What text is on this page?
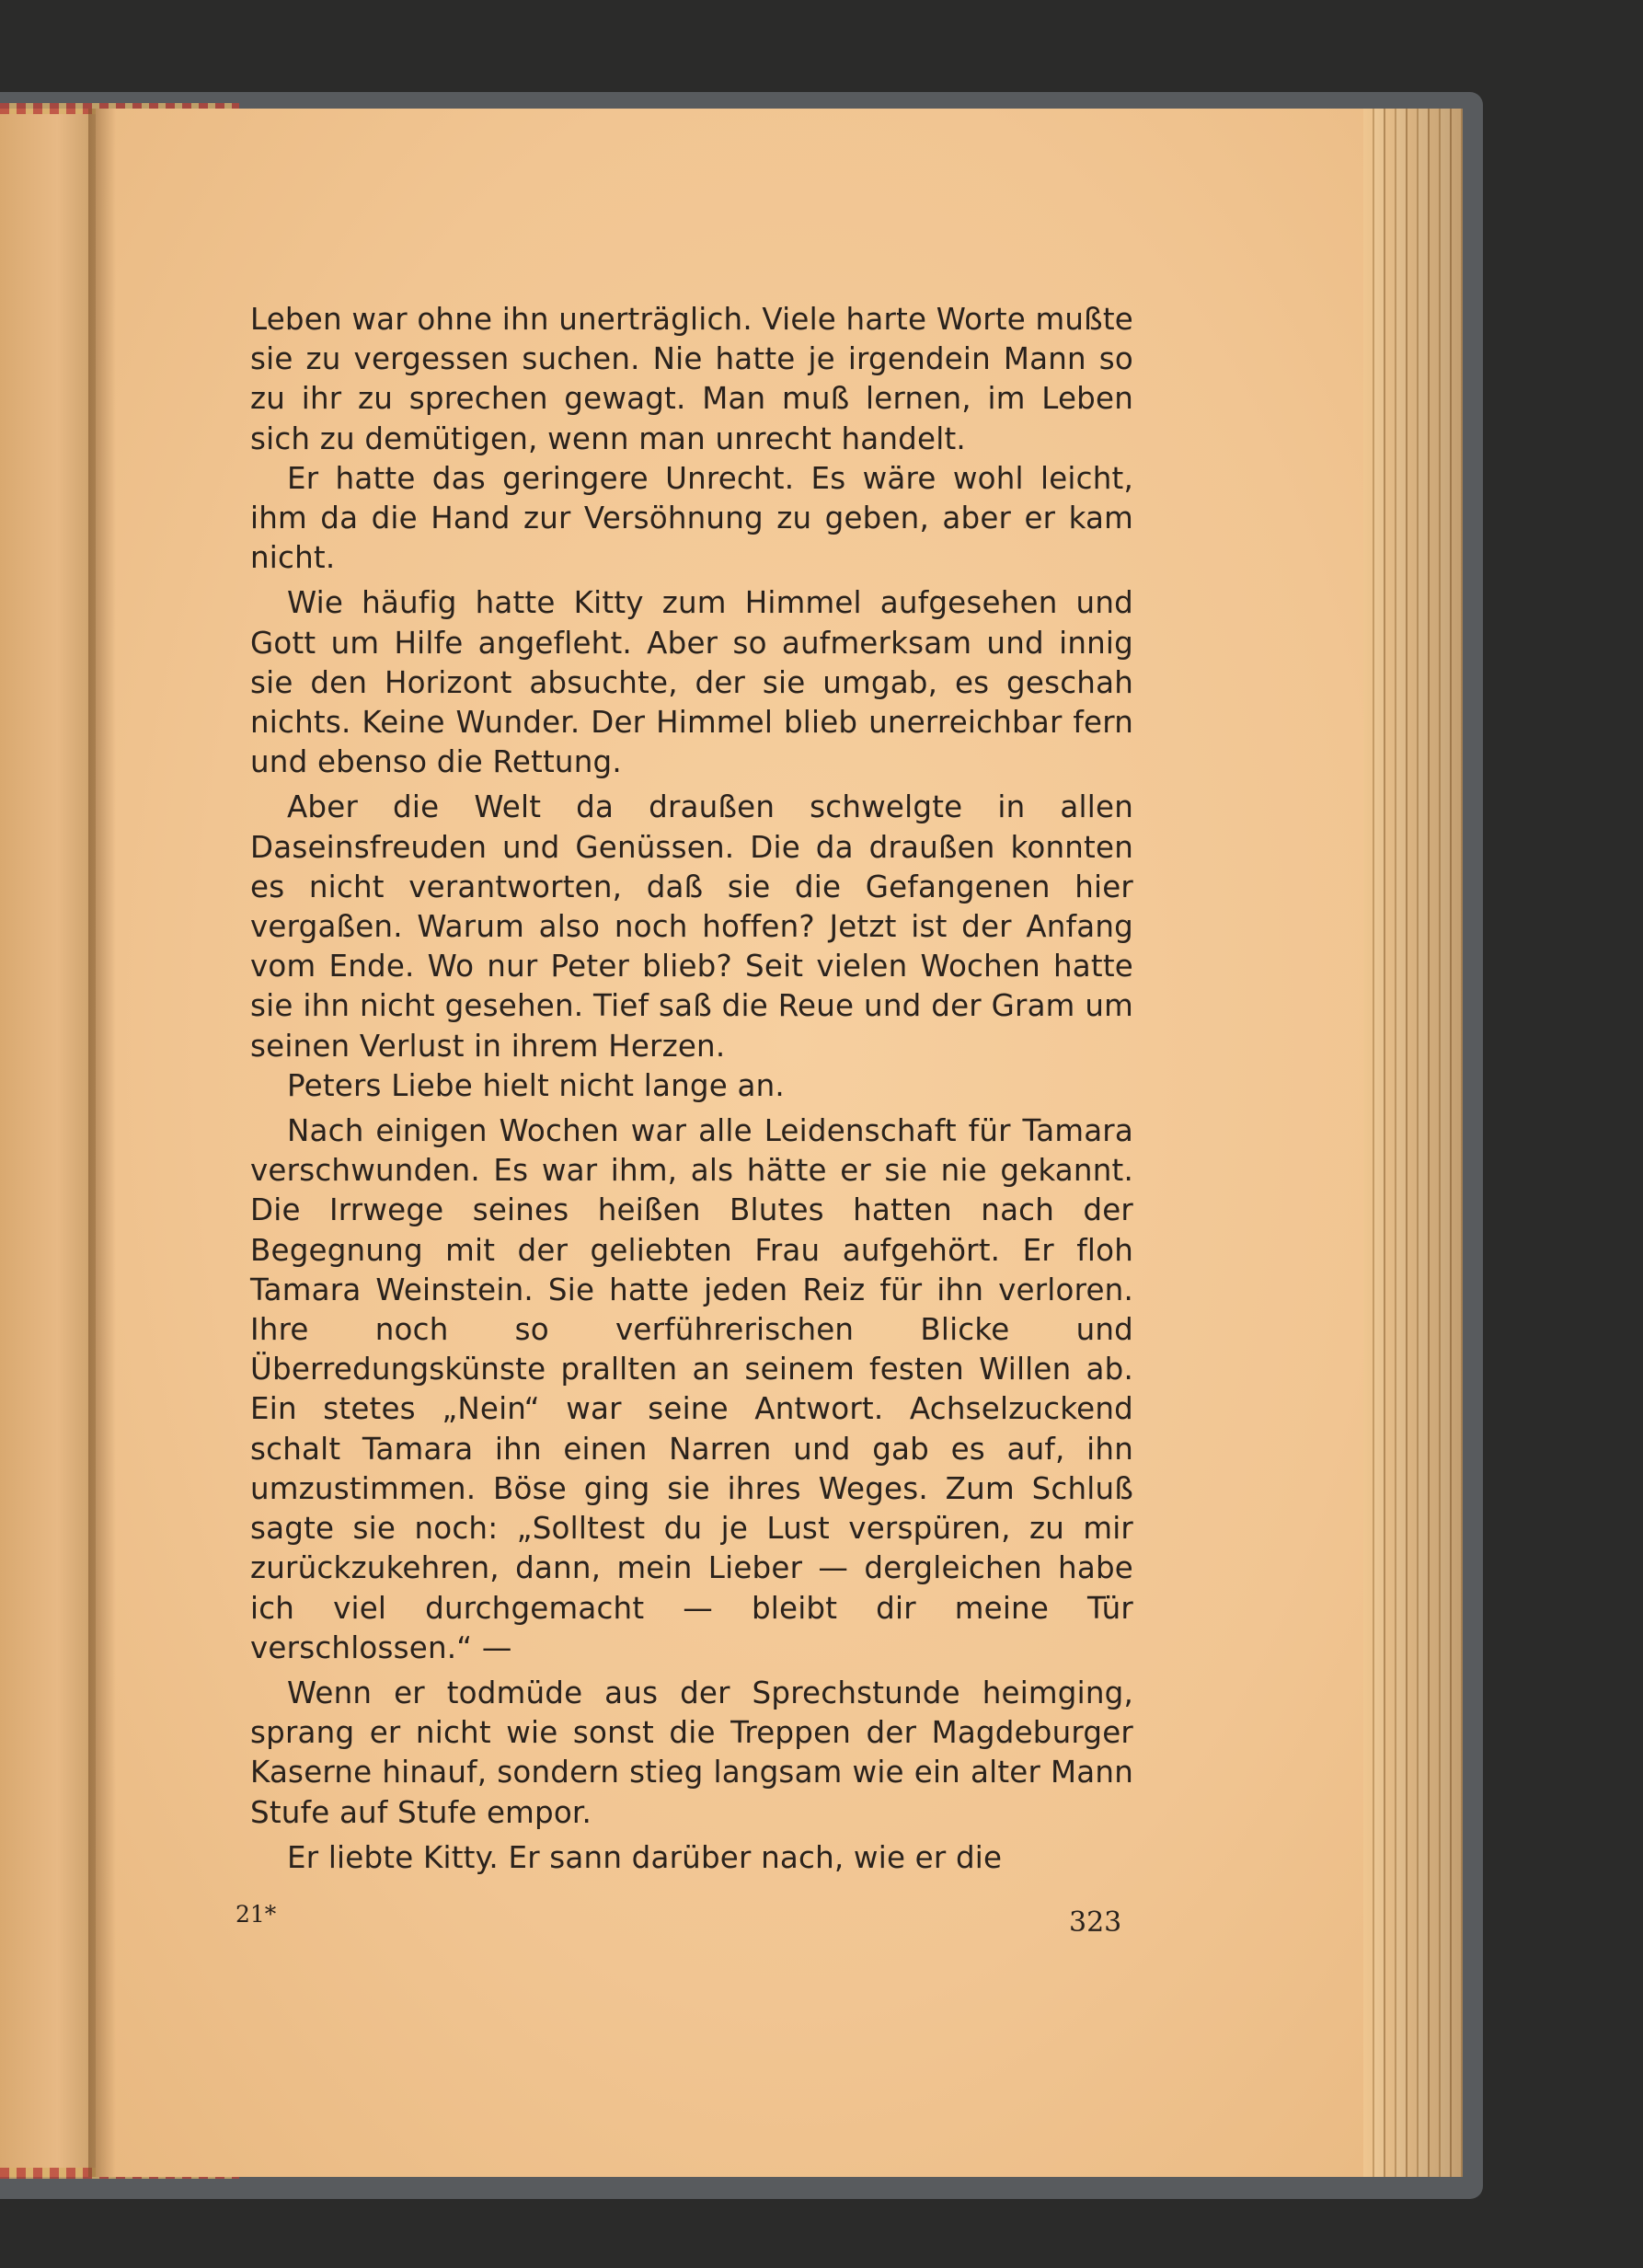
Leben war ohne ihn unerträglich. Viele harte Worte mußte sie zu vergessen suchen. Nie hatte je irgendein Mann so zu ihr zu sprechen gewagt. Man muß lernen, im Leben sich zu demütigen, wenn man unrecht handelt.

Er hatte das geringere Unrecht. Es wäre wohl leicht, ihm da die Hand zur Versöhnung zu geben, aber er kam nicht.

Wie häufig hatte Kitty zum Himmel aufgesehen und Gott um Hilfe angefleht. Aber so aufmerksam und innig sie den Horizont absuchte, der sie umgab, es geschah nichts. Keine Wunder. Der Himmel blieb unerreichbar fern und ebenso die Rettung.

Aber die Welt da draußen schwelgte in allen Daseinsfreuden und Genüssen. Die da draußen konnten es nicht verantworten, daß sie die Gefangenen hier vergaßen. Warum also noch hoffen? Jetzt ist der Anfang vom Ende. Wo nur Peter blieb? Seit vielen Wochen hatte sie ihn nicht gesehen. Tief saß die Reue und der Gram um seinen Verlust in ihrem Herzen.

Peters Liebe hielt nicht lange an.

Nach einigen Wochen war alle Leidenschaft für Tamara verschwunden. Es war ihm, als hätte er sie nie gekannt. Die Irrwege seines heißen Blutes hatten nach der Begegnung mit der geliebten Frau aufgehört. Er floh Tamara Weinstein. Sie hatte jeden Reiz für ihn verloren. Ihre noch so verführerischen Blicke und Überredungskünste prallten an seinem festen Willen ab. Ein stetes „Nein“ war seine Antwort. Achselzuckend schalt Tamara ihn einen Narren und gab es auf, ihn umzustimmen. Böse ging sie ihres Weges. Zum Schluß sagte sie noch: „Solltest du je Lust verspüren, zu mir zurückzukehren, dann, mein Lieber — dergleichen habe ich viel durchgemacht — bleibt dir meine Tür verschlossen.“ —

Wenn er todmüde aus der Sprechstunde heimging, sprang er nicht wie sonst die Treppen der Magdeburger Kaserne hinauf, sondern stieg langsam wie ein alter Mann Stufe auf Stufe empor.

Er liebte Kitty. Er sann darüber nach, wie er die

21*	323
